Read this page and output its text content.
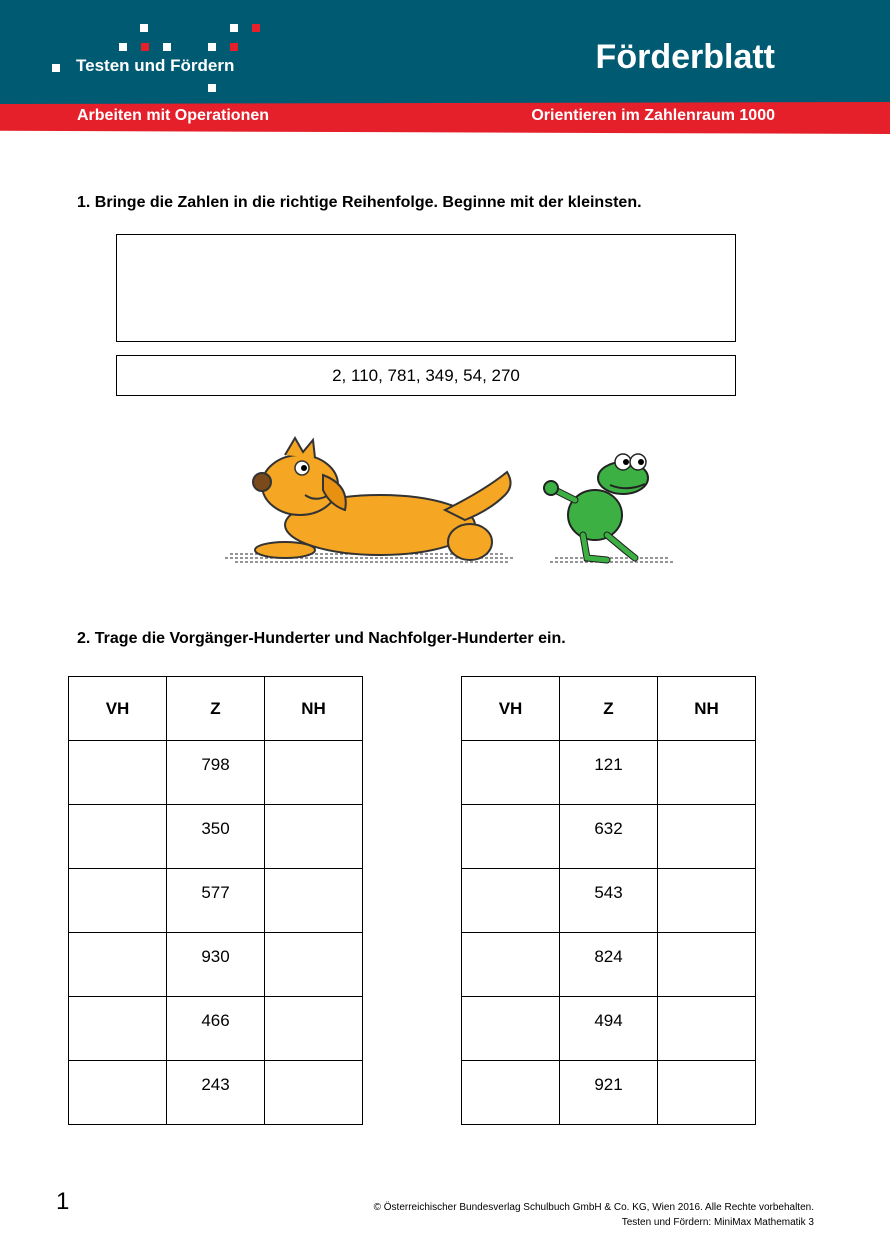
Testen und Fördern	Förderblatt
Arbeiten mit Operationen	Orientieren im Zahlenraum 1000
1. Bringe die Zahlen in die richtige Reihenfolge. Beginne mit der kleinsten.
2, 110, 781, 349, 54, 270
2. Trage die Vorgänger-Hunderter und Nachfolger-Hunderter ein.
VH	Z	NH
	798	
	350	
	577	
	930	
	466	
	243	
VH	Z	NH
	121	
	632	
	543	
	824	
	494	
	921	
1	© Österreichischer Bundesverlag Schulbuch GmbH & Co. KG, Wien 2016. Alle Rechte vorbehalten.
Testen und Fördern: MiniMax Mathematik 3
